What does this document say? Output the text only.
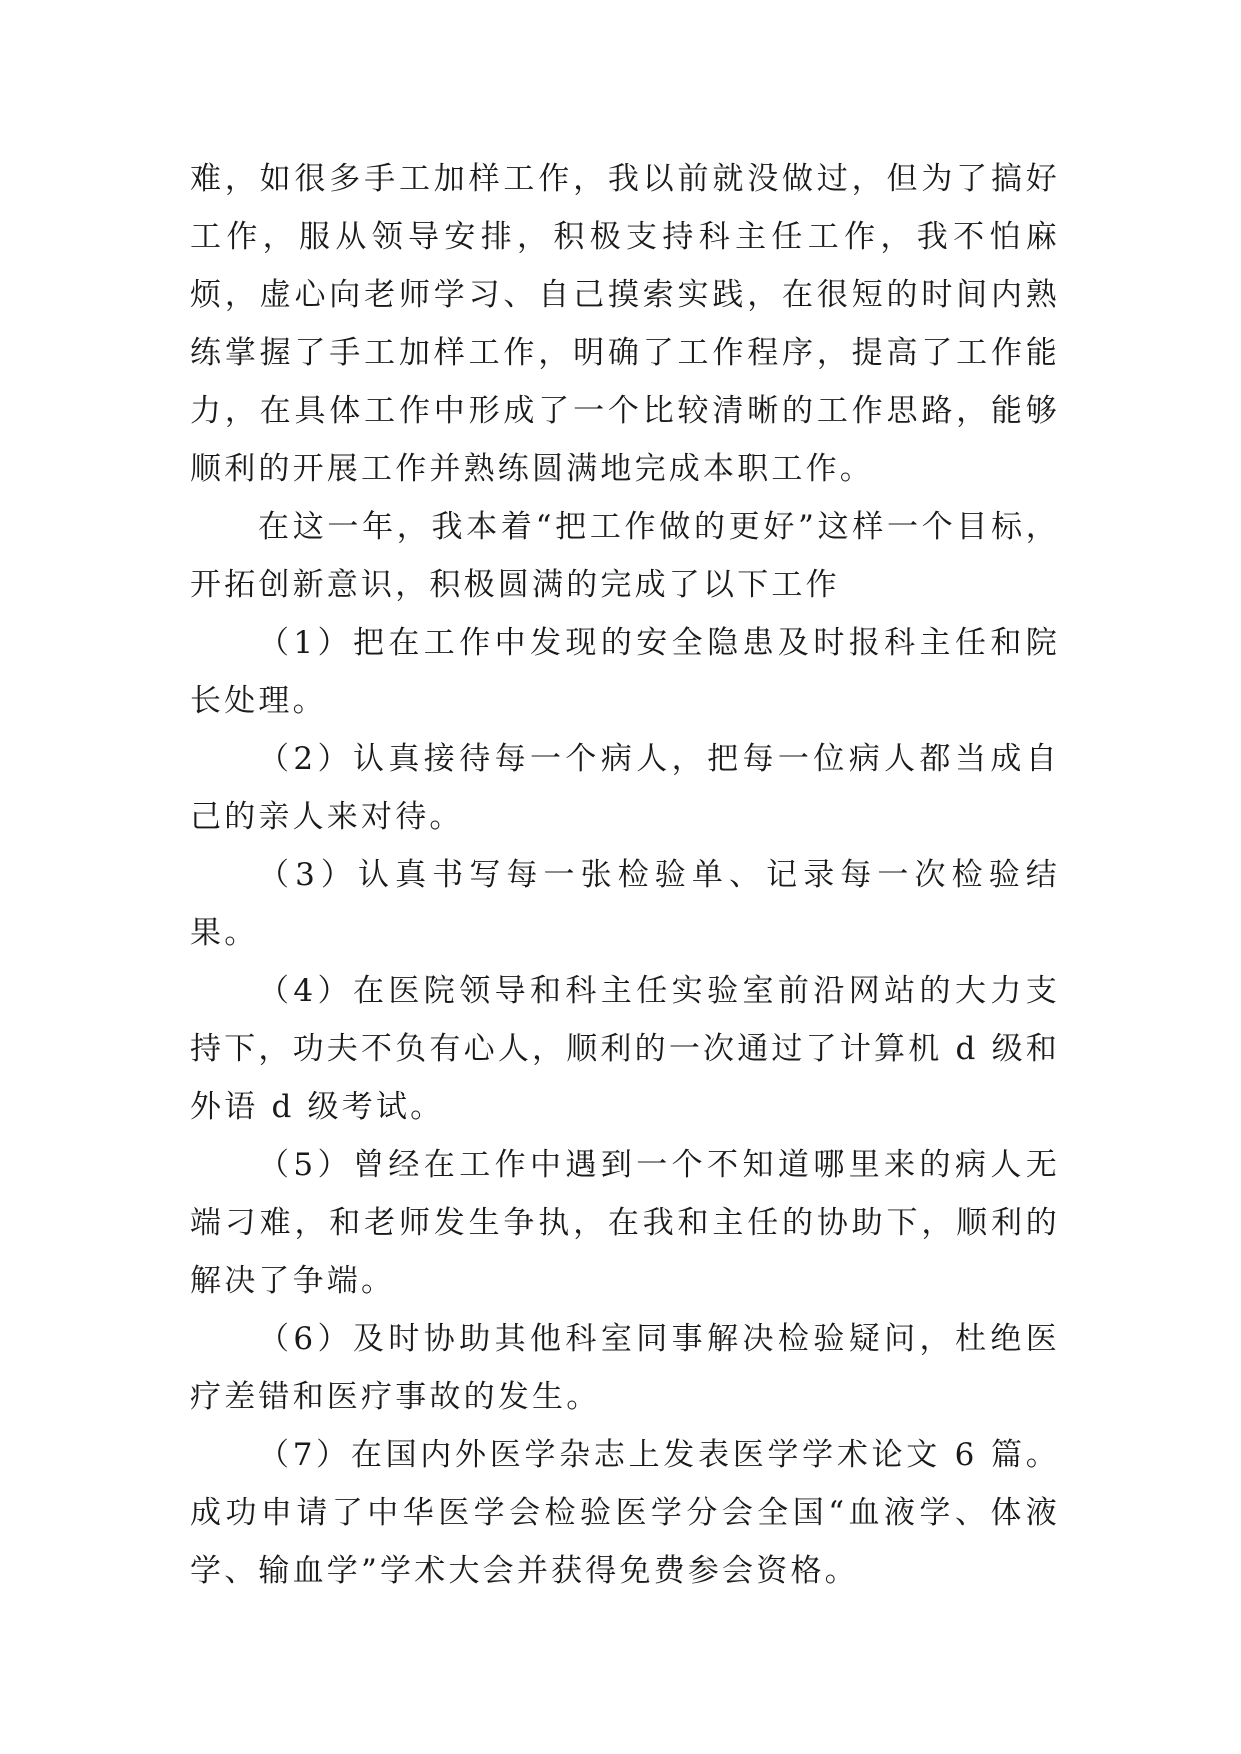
难，如很多手工加样工作，我以前就没做过，但为了搞好工作，服从领导安排，积极支持科主任工作，我不怕麻烦，虚心向老师学习、自己摸索实践，在很短的时间内熟练掌握了手工加样工作，明确了工作程序，提高了工作能力，在具体工作中形成了一个比较清晰的工作思路，能够顺利的开展工作并熟练圆满地完成本职工作。

在这一年，我本着“把工作做的更好”这样一个目标，开拓创新意识，积极圆满的完成了以下工作

（1）把在工作中发现的安全隐患及时报科主任和院长处理。

（2）认真接待每一个病人，把每一位病人都当成自己的亲人来对待。

（3）认真书写每一张检验单、记录每一次检验结果。

（4）在医院领导和科主任实验室前沿网站的大力支持下，功夫不负有心人，顺利的一次通过了计算机 d 级和外语 d 级考试。

（5）曾经在工作中遇到一个不知道哪里来的病人无端刁难，和老师发生争执，在我和主任的协助下，顺利的解决了争端。

（6）及时协助其他科室同事解决检验疑问，杜绝医疗差错和医疗事故的发生。

（7）在国内外医学杂志上发表医学学术论文 6 篇。成功申请了中华医学会检验医学分会全国“血液学、体液学、输血学”学术大会并获得免费参会资格。
